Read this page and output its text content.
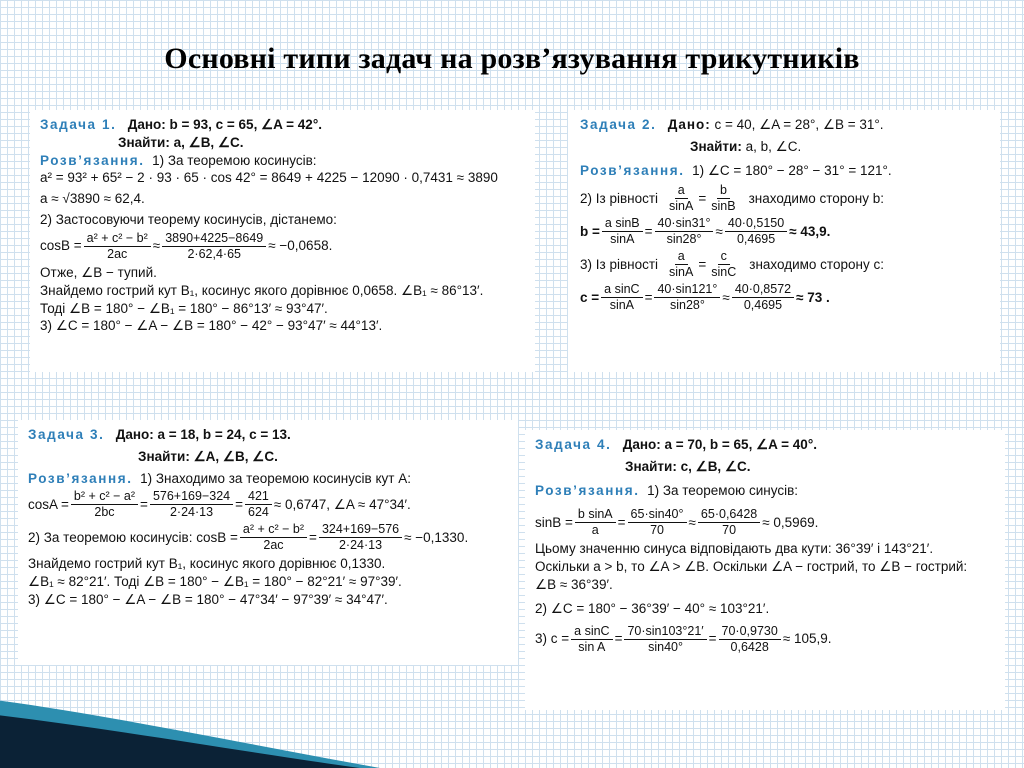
Основні типи задач на розв’язування трикутників
Задача 1. Дано: b = 93, c = 65, ∠A = 42°.
Знайти: a, ∠B, ∠C.
Розв’язання. 1) За теоремою косинусів:
a² = 93² + 65² − 2 · 93 · 65 · cos 42° = 8649 + 4225 − 12090 · 0,7431 ≈ 3890
a ≈ √3890 ≈ 62,4.
2) Застосовуючи теорему косинусів, дістанемо:
$\cos B = \frac{\text{a² + c² − b²}}{2ac} \approx \frac{3890+4225-8649}{2\cdot 62,4\cdot 65} \approx -0,0658$.
Отже, ∠B − тупий.
Знайдемо гострий кут B₁, косинус якого дорівнює 0,0658. ∠B₁ ≈ 86°13′.
Тоді ∠B = 180° − ∠B₁ = 180° − 86°13′ ≈ 93°47′.
3) ∠C = 180° − ∠A − ∠B = 180° − 42° − 93°47′ ≈ 44°13′.
Задача 2. Дано: c = 40, ∠A = 28°, ∠B = 31°.
Знайти: a, b, ∠C.
Розв’язання. 1) ∠C = 180° − 28° − 31° = 121°.
2) Із рівності $\frac{a}{\sin A} = \frac{b}{\sin B}$ знаходимо сторону b:
$b = \frac{\text{a sinB}}{\sin A} = \frac{40\cdot\sin 31^\circ}{\sin 28^\circ} \approx \frac{40\cdot 0,5150}{0,4695} \approx 43,9$.
3) Із рівності $\frac{a}{\sin A} = \frac{c}{\sin C}$ знаходимо сторону c:
$c = \frac{\text{a sinC}}{\sin A} = \frac{40\cdot\sin 121^\circ}{\sin 28^\circ} \approx \frac{40\cdot 0,8572}{0,4695} \approx 73$ .
Задача 3. Дано: a = 18, b = 24, c = 13.
Знайти: ∠A, ∠B, ∠C.
Розв’язання. 1) Знаходимо за теоремою косинусів кут A:
$\cos A = \frac{\text{b² + c² − a²}}{2bc} = \frac{576+169-324}{2\cdot 24\cdot 13} = \frac{421}{624} \approx 0,6747$, ∠A ≈ 47°34′.
2) За теоремою косинусів:
$\cos B = \frac{\text{a² + c² − b²}}{2ac} = \frac{324+169-576}{2\cdot 24\cdot 13} \approx -0,1330$.
Знайдемо гострий кут B₁, косинус якого дорівнює 0,1330.
∠B₁ ≈ 82°21′. Тоді ∠B = 180° − ∠B₁ = 180° − 82°21′ ≈ 97°39′.
3) ∠C = 180° − ∠A − ∠B = 180° − 47°34′ − 97°39′ ≈ 34°47′.
Задача 4. Дано: a = 70, b = 65, ∠A = 40°.
Знайти: c, ∠B, ∠C.
Розв’язання. 1) За теоремою синусів:
$\sin B = \frac{\text{b sinA}}{a} = \frac{65\cdot\sin 40^\circ}{70} \approx \frac{65\cdot 0,6428}{70} \approx 0,5969$.
Цьому значенню синуса відповідають два кути: 36°39′ і 143°21′.
Оскільки a > b, то ∠A > ∠B. Оскільки ∠A − гострий, то ∠B − гострий:
∠B ≈ 36°39′.
2) ∠C = 180° − 36°39′ − 40° ≈ 103°21′.
3) $c = \frac{\text{a sinC}}{\text{sin A}} = \frac{70\cdot\sin 103^\circ 21'}{\sin 40^\circ} = \frac{70\cdot 0,9730}{0,6428} \approx 105,9$.
